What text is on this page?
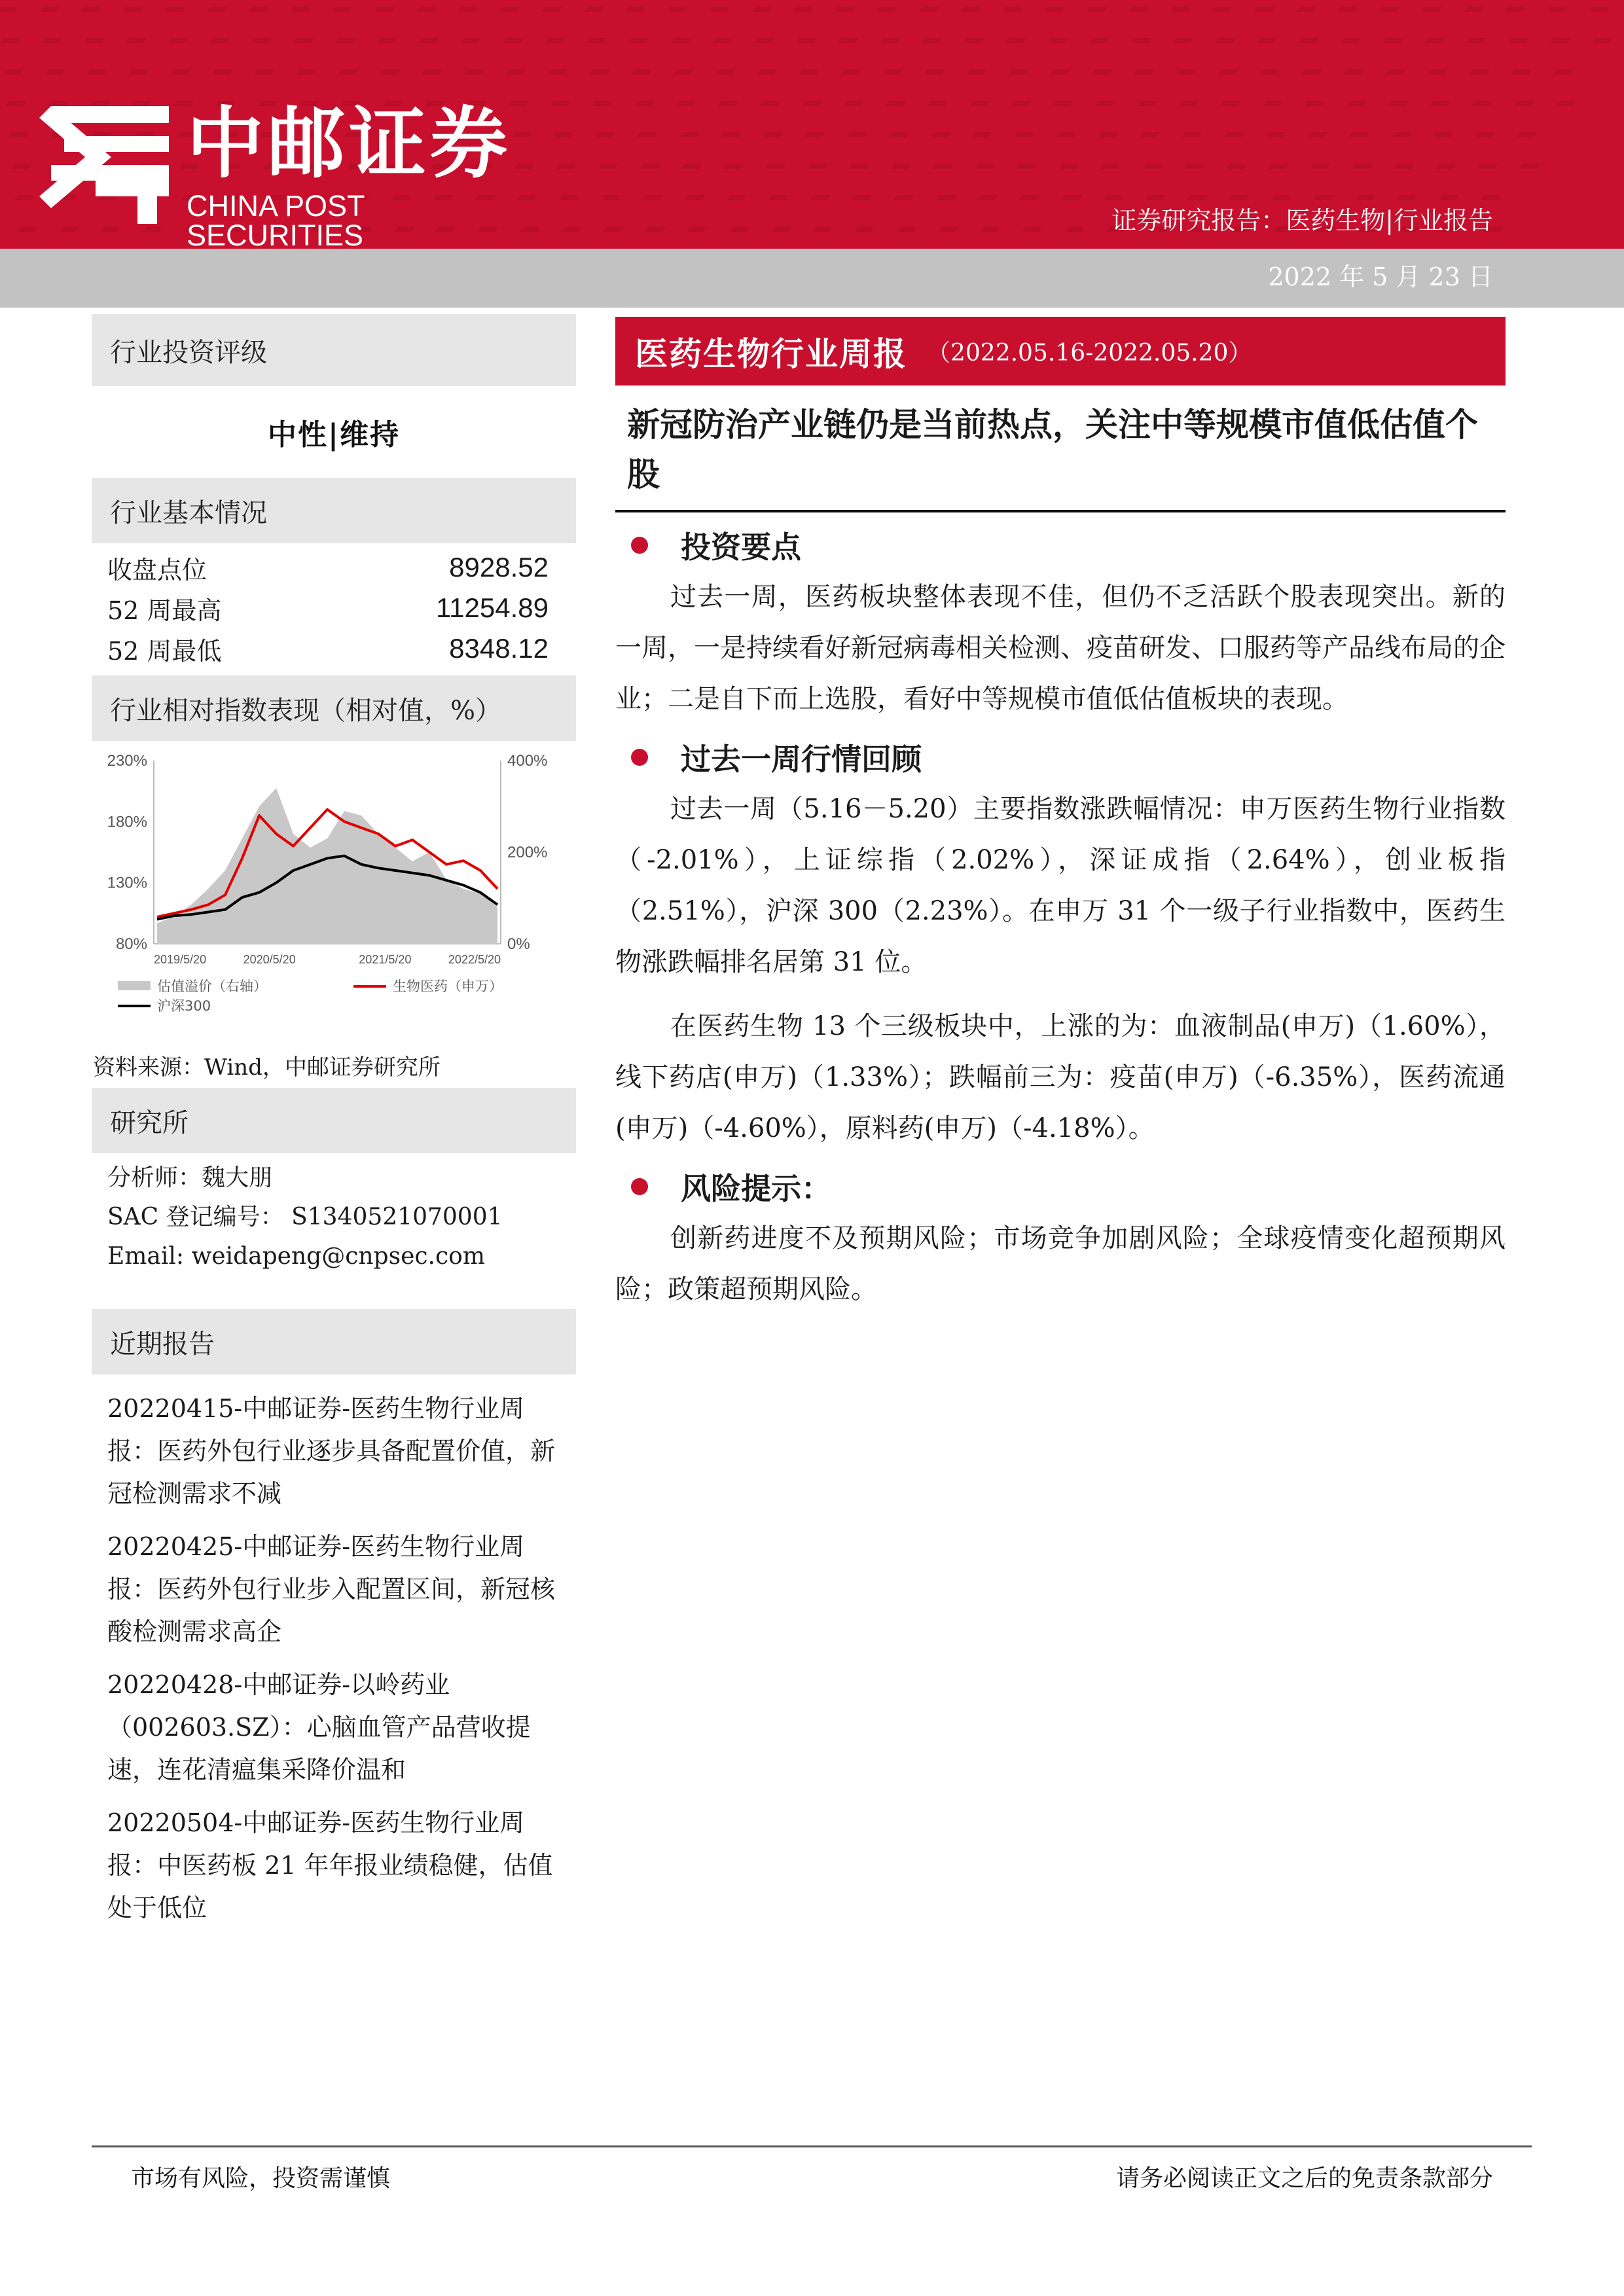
中邮证券
CHINA POST SECURITIES	证券研究报告：医药生物|行业报告
2022 年 5 月 23 日
行业投资评级
中性|维持
行业基本情况
收盘点位	8928.52
52 周最高	11254.89
52 周最低	8348.12
行业相对指数表现（相对值，%）
230%
180%
130%
80%
400%
200%
0%
2019/5/20	2020/5/20	2021/5/20	2022/5/20
估值溢价（右轴）	生物医药（申万）
沪深300
资料来源：Wind，中邮证券研究所
研究所
分析师：魏大朋
SAC 登记编号： S1340521070001
Email: weidapeng@cnpsec.com
近期报告
20220415-中邮证券-医药生物行业周报：医药外包行业逐步具备配置价值，新冠检测需求不减
20220425-中邮证券-医药生物行业周报：医药外包行业步入配置区间，新冠核酸检测需求高企
20220428-中邮证券-以岭药业（002603.SZ）：心脑血管产品营收提速，连花清瘟集采降价温和
20220504-中邮证券-医药生物行业周报：中医药板 21 年年报业绩稳健，估值处于低位
医药生物行业周报 （2022.05.16-2022.05.20）
新冠防治产业链仍是当前热点，关注中等规模市值低估值个股
投资要点

过去一周，医药板块整体表现不佳，但仍不乏活跃个股表现突出。新的一周，一是持续看好新冠病毒相关检测、疫苗研发、口服药等产品线布局的企业；二是自下而上选股，看好中等规模市值低估值板块的表现。

过去一周行情回顾

过去一周（5.16－5.20）主要指数涨跌幅情况：申万医药生物行业指数（-2.01%），上证综指（2.02%），深证成指（2.64%），创业板指（2.51%），沪深 300（2.23%）。在申万 31 个一级子行业指数中，医药生物涨跌幅排名居第 31 位。

在医药生物 13 个三级板块中，上涨的为：血液制品(申万)（1.60%），线下药店(申万)（1.33%）；跌幅前三为：疫苗(申万)（-6.35%），医药流通(申万)（-4.60%），原料药(申万)（-4.18%）。

风险提示：

创新药进度不及预期风险；市场竞争加剧风险；全球疫情变化超预期风险；政策超预期风险。

市场有风险，投资需谨慎	请务必阅读正文之后的免责条款部分
